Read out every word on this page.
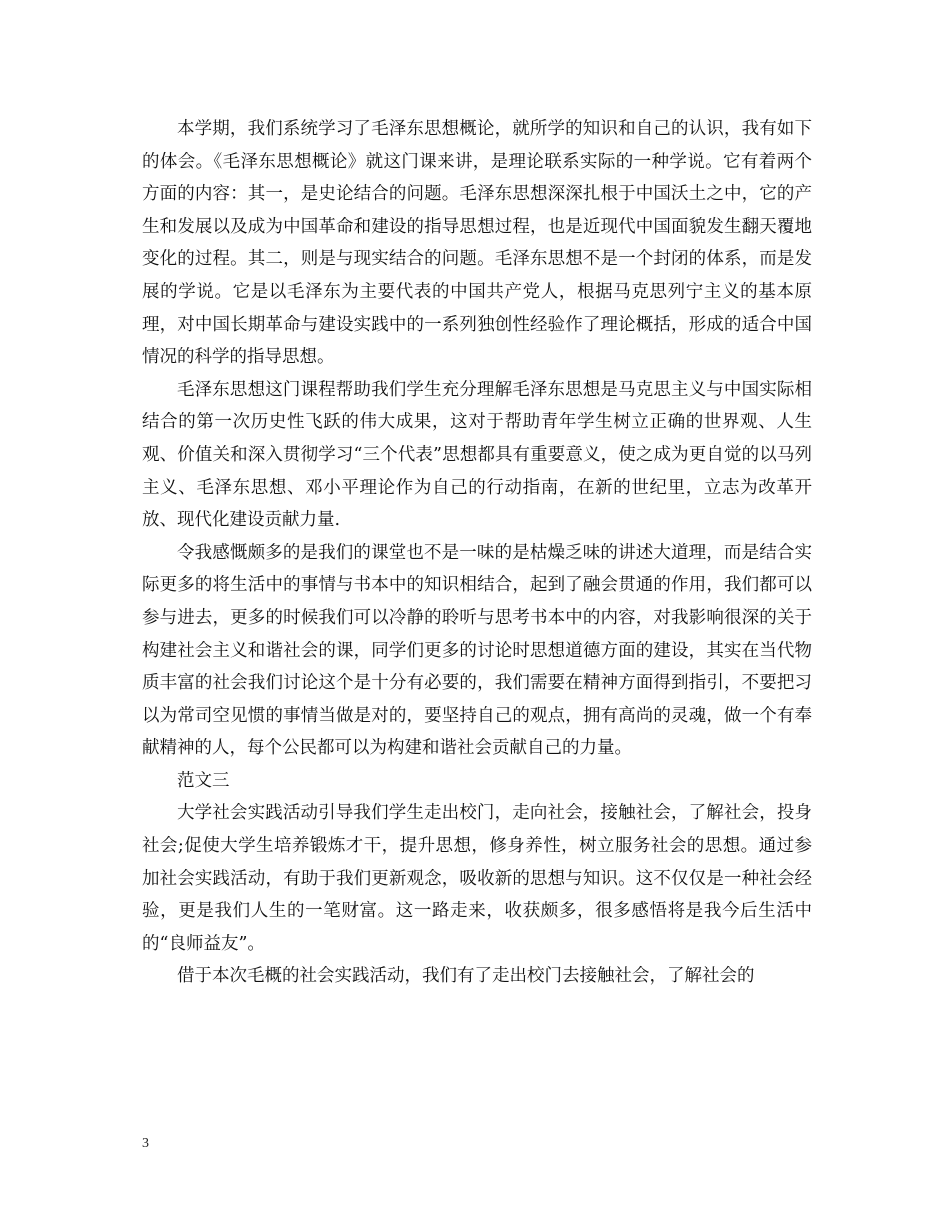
本学期，我们系统学习了毛泽东思想概论，就所学的知识和自己的认识，我有如下的体会。《毛泽东思想概论》就这门课来讲，是理论联系实际的一种学说。它有着两个方面的内容：其一，是史论结合的问题。毛泽东思想深深扎根于中国沃土之中，它的产生和发展以及成为中国革命和建设的指导思想过程，也是近现代中国面貌发生翻天覆地变化的过程。其二，则是与现实结合的问题。毛泽东思想不是一个封闭的体系，而是发展的学说。它是以毛泽东为主要代表的中国共产党人，根据马克思列宁主义的基本原理，对中国长期革命与建设实践中的一系列独创性经验作了理论概括，形成的适合中国情况的科学的指导思想。

毛泽东思想这门课程帮助我们学生充分理解毛泽东思想是马克思主义与中国实际相结合的第一次历史性飞跃的伟大成果，这对于帮助青年学生树立正确的世界观、人生观、价值关和深入贯彻学习“三个代表”思想都具有重要意义，使之成为更自觉的以马列主义、毛泽东思想、邓小平理论作为自己的行动指南，在新的世纪里，立志为改革开放、现代化建设贡献力量.

令我感慨颇多的是我们的课堂也不是一味的是枯燥乏味的讲述大道理，而是结合实际更多的将生活中的事情与书本中的知识相结合，起到了融会贯通的作用，我们都可以参与进去，更多的时候我们可以冷静的聆听与思考书本中的内容，对我影响很深的关于构建社会主义和谐社会的课，同学们更多的讨论时思想道德方面的建设，其实在当代物质丰富的社会我们讨论这个是十分有必要的，我们需要在精神方面得到指引，不要把习以为常司空见惯的事情当做是对的，要坚持自己的观点，拥有高尚的灵魂，做一个有奉献精神的人，每个公民都可以为构建和谐社会贡献自己的力量。

范文三

大学社会实践活动引导我们学生走出校门，走向社会，接触社会，了解社会，投身社会;促使大学生培养锻炼才干，提升思想，修身养性，树立服务社会的思想。通过参加社会实践活动，有助于我们更新观念，吸收新的思想与知识。这不仅仅是一种社会经验，更是我们人生的一笔财富。这一路走来，收获颇多，很多感悟将是我今后生活中的“良师益友”。

借于本次毛概的社会实践活动，我们有了走出校门去接触社会，了解社会的

3
